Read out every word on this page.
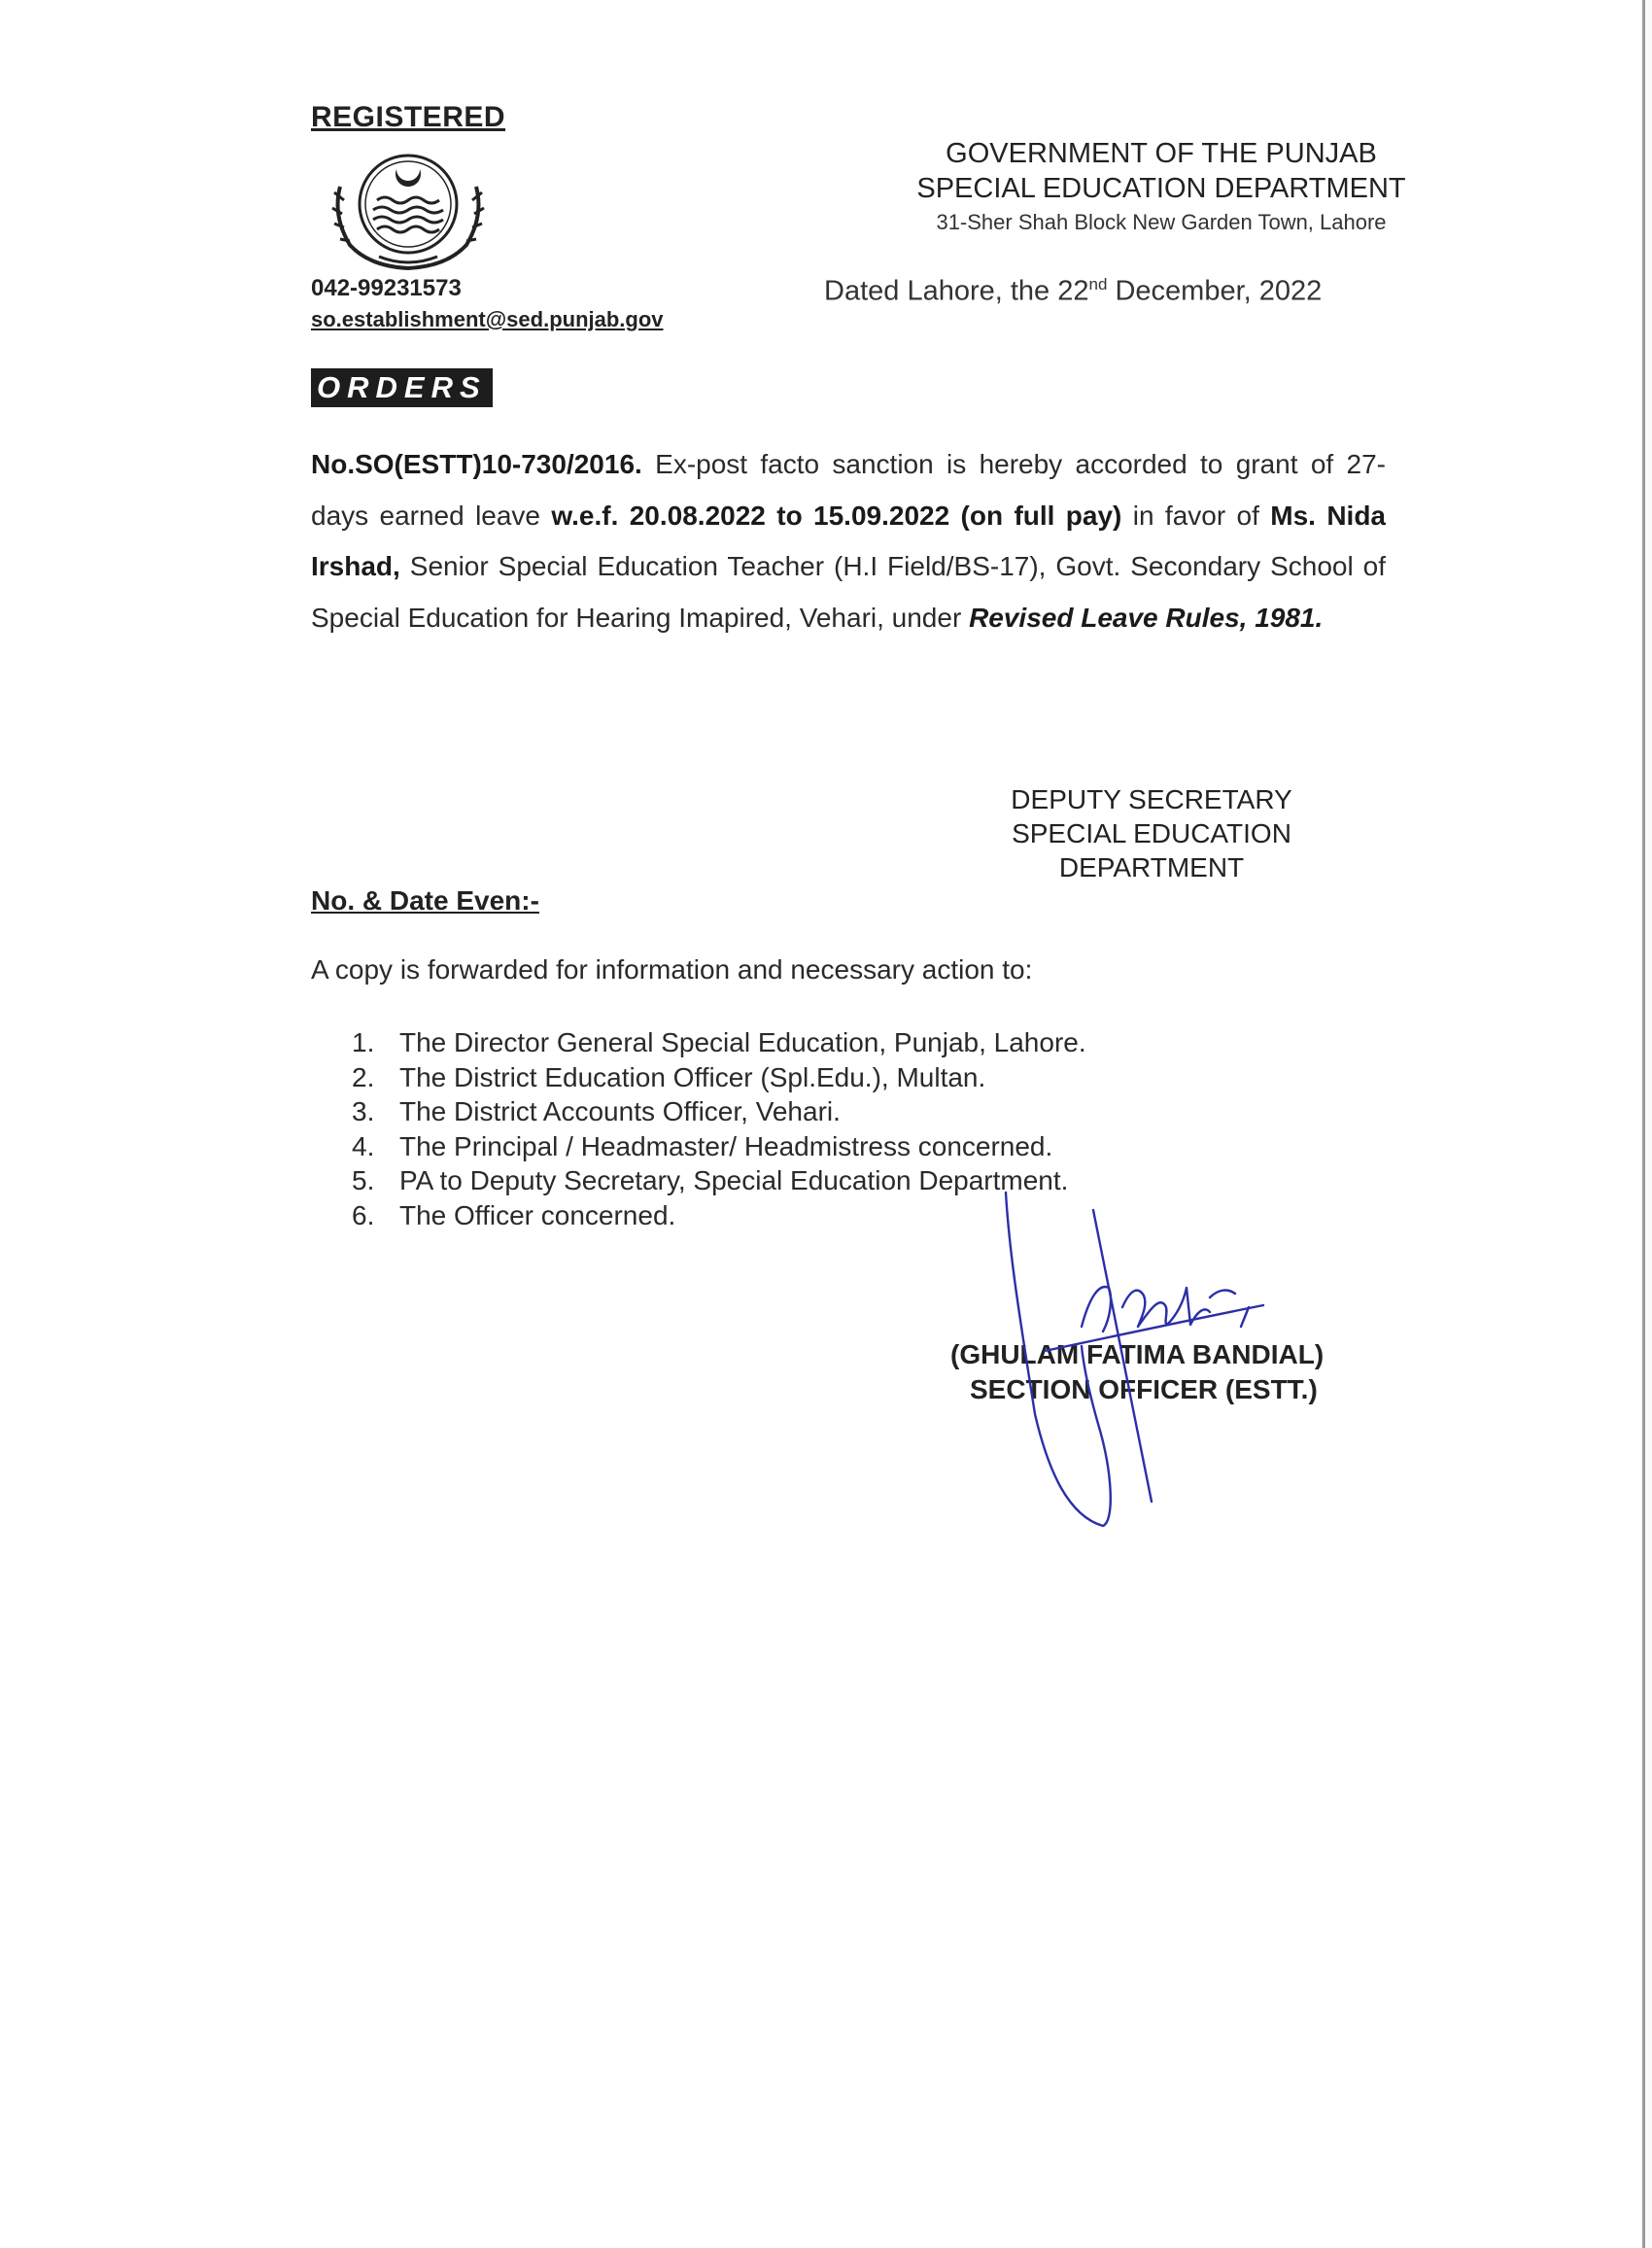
REGISTERED
042-99231573
so.establishment@sed.punjab.gov
GOVERNMENT OF THE PUNJAB
SPECIAL EDUCATION DEPARTMENT
31-Sher Shah Block New Garden Town, Lahore
Dated Lahore, the 22nd December, 2022
ORDERS
No.SO(ESTT)10-730/2016. Ex-post facto sanction is hereby accorded to grant of 27-days earned leave w.e.f. 20.08.2022 to 15.09.2022 (on full pay) in favor of Ms. Nida Irshad, Senior Special Education Teacher (H.I Field/BS-17), Govt. Secondary School of Special Education for Hearing Imapired, Vehari, under Revised Leave Rules, 1981.
DEPUTY SECRETARY
SPECIAL EDUCATION
DEPARTMENT
No. & Date Even:-
A copy is forwarded for information and necessary action to:
1. The Director General Special Education, Punjab, Lahore.
2. The District Education Officer (Spl.Edu.), Multan.
3. The District Accounts Officer, Vehari.
4. The Principal / Headmaster/ Headmistress concerned.
5. PA to Deputy Secretary, Special Education Department.
6. The Officer concerned.
(GHULAM FATIMA BANDIAL)
SECTION OFFICER (ESTT.)
